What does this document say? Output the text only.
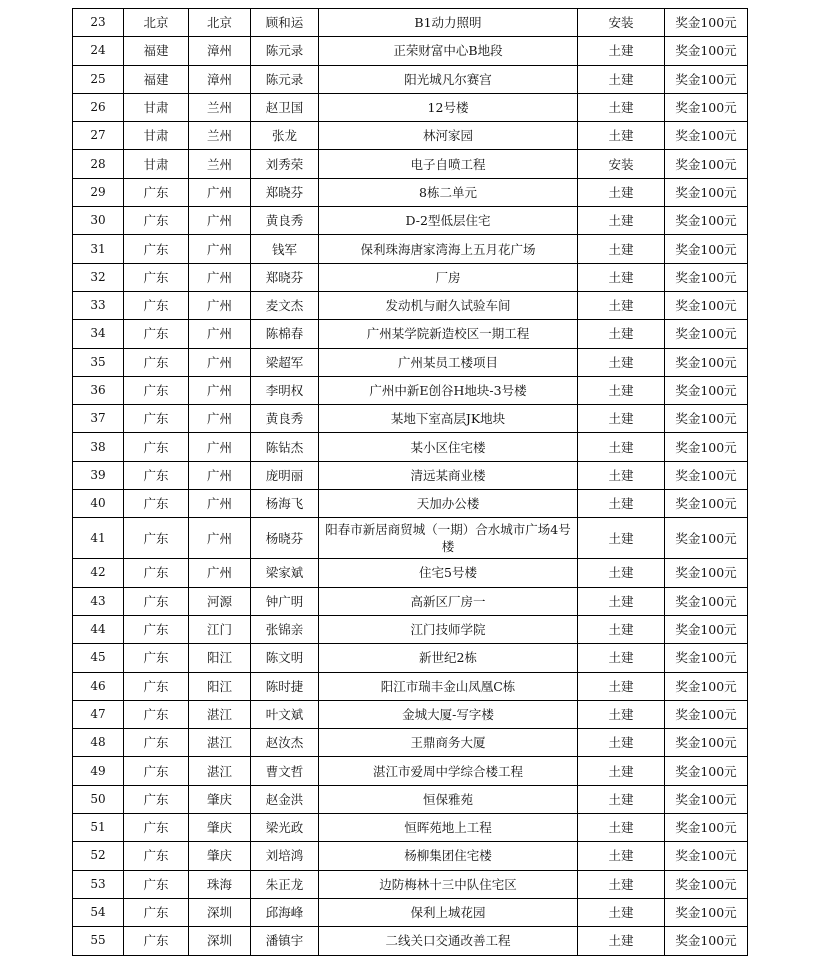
23	北京	北京	顾和运	B1动力照明	安装	奖金100元
24	福建	漳州	陈元录	正荣财富中心B地段	土建	奖金100元
25	福建	漳州	陈元录	阳光城凡尔赛宫	土建	奖金100元
26	甘肃	兰州	赵卫国	12号楼	土建	奖金100元
27	甘肃	兰州	张龙	林河家园	土建	奖金100元
28	甘肃	兰州	刘秀荣	电子自喷工程	安装	奖金100元
29	广东	广州	郑晓芬	8栋二单元	土建	奖金100元
30	广东	广州	黄良秀	D-2型低层住宅	土建	奖金100元
31	广东	广州	钱军	保利珠海唐家湾海上五月花广场	土建	奖金100元
32	广东	广州	郑晓芬	厂房	土建	奖金100元
33	广东	广州	麦文杰	发动机与耐久试验车间	土建	奖金100元
34	广东	广州	陈棉春	广州某学院新造校区一期工程	土建	奖金100元
35	广东	广州	梁超军	广州某员工楼项目	土建	奖金100元
36	广东	广州	李明权	广州中新E创谷H地块-3号楼	土建	奖金100元
37	广东	广州	黄良秀	某地下室高层JK地块	土建	奖金100元
38	广东	广州	陈钻杰	某小区住宅楼	土建	奖金100元
39	广东	广州	庞明丽	清远某商业楼	土建	奖金100元
40	广东	广州	杨海飞	天加办公楼	土建	奖金100元
41	广东	广州	杨晓芬	阳春市新居商贸城（一期）合水城市广场4号楼	土建	奖金100元
42	广东	广州	梁家斌	住宅5号楼	土建	奖金100元
43	广东	河源	钟广明	高新区厂房一	土建	奖金100元
44	广东	江门	张锦亲	江门技师学院	土建	奖金100元
45	广东	阳江	陈文明	新世纪2栋	土建	奖金100元
46	广东	阳江	陈时捷	阳江市瑞丰金山凤凰C栋	土建	奖金100元
47	广东	湛江	叶文斌	金城大厦-写字楼	土建	奖金100元
48	广东	湛江	赵汝杰	王鼎商务大厦	土建	奖金100元
49	广东	湛江	曹文哲	湛江市爱周中学综合楼工程	土建	奖金100元
50	广东	肇庆	赵金洪	恒保雅苑	土建	奖金100元
51	广东	肇庆	梁光政	恒晖苑地上工程	土建	奖金100元
52	广东	肇庆	刘培鸿	杨柳集团住宅楼	土建	奖金100元
53	广东	珠海	朱正龙	边防梅林十三中队住宅区	土建	奖金100元
54	广东	深圳	邱海峰	保利上城花园	土建	奖金100元
55	广东	深圳	潘镇宇	二线关口交通改善工程	土建	奖金100元
